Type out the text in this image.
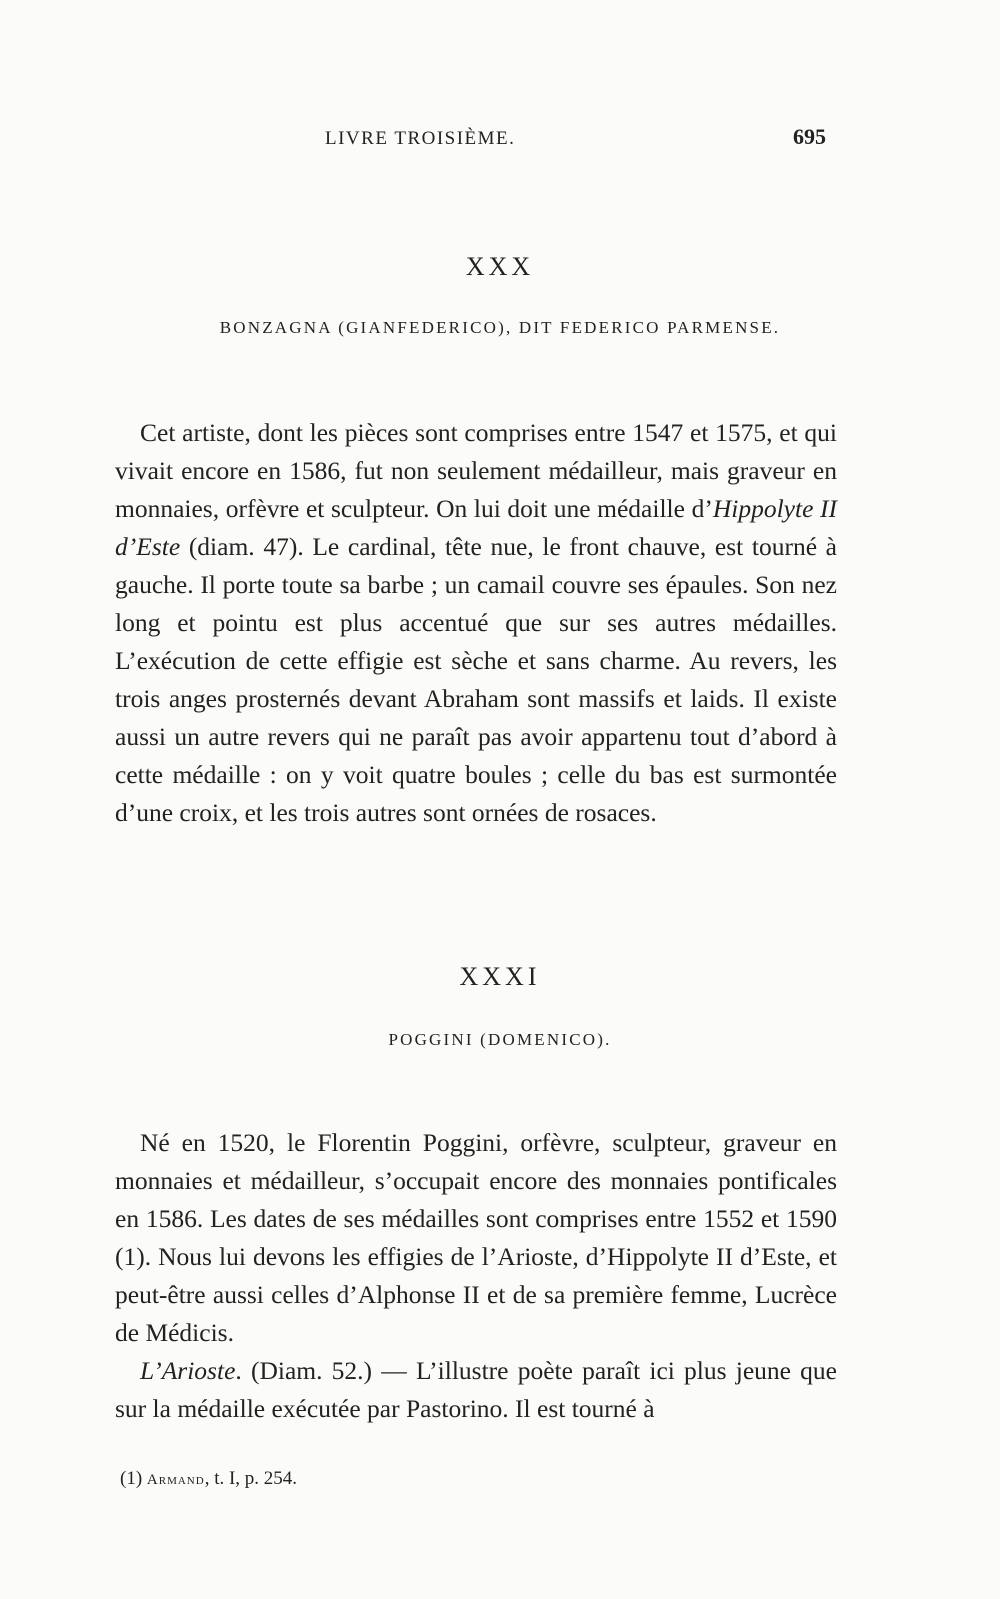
LIVRE TROISIÈME.	695
XXX
BONZAGNA (GIANFEDERICO), DIT FEDERICO PARMENSE.

Cet artiste, dont les pièces sont comprises entre 1547 et 1575, et qui vivait encore en 1586, fut non seulement médailleur, mais graveur en monnaies, orfèvre et sculpteur. On lui doit une médaille d’Hippolyte II d’Este (diam. 47). Le cardinal, tête nue, le front chauve, est tourné à gauche. Il porte toute sa barbe ; un camail couvre ses épaules. Son nez long et pointu est plus accentué que sur ses autres médailles. L’exécution de cette effigie est sèche et sans charme. Au revers, les trois anges prosternés devant Abraham sont massifs et laids. Il existe aussi un autre revers qui ne paraît pas avoir appartenu tout d’abord à cette médaille : on y voit quatre boules ; celle du bas est surmontée d’une croix, et les trois autres sont ornées de rosaces.

XXXI
POGGINI (DOMENICO).

Né en 1520, le Florentin Poggini, orfèvre, sculpteur, graveur en monnaies et médailleur, s’occupait encore des monnaies pontificales en 1586. Les dates de ses médailles sont comprises entre 1552 et 1590 (1). Nous lui devons les effigies de l’Arioste, d’Hippolyte II d’Este, et peut-être aussi celles d’Alphonse II et de sa première femme, Lucrèce de Médicis.

L’Arioste. (Diam. 52.) — L’illustre poète paraît ici plus jeune que sur la médaille exécutée par Pastorino. Il est tourné à

(1) Armand, t. I, p. 254.
